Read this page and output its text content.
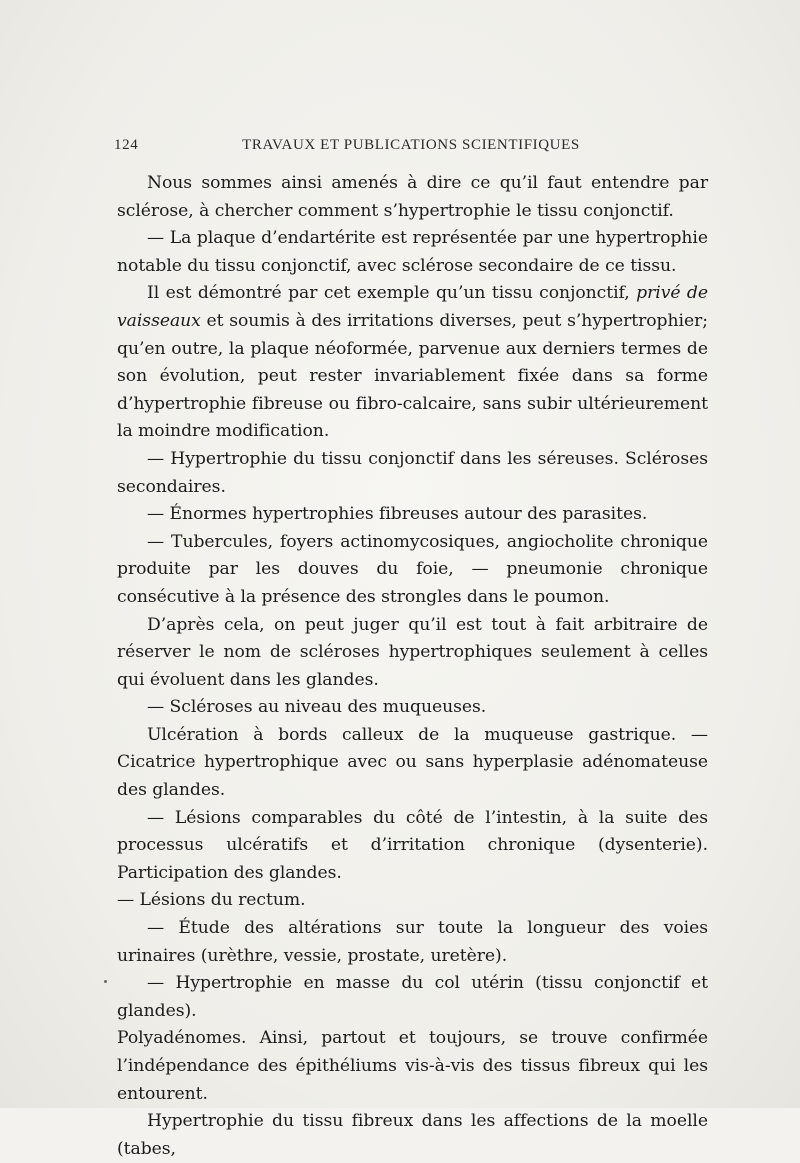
124	TRAVAUX ET PUBLICATIONS SCIENTIFIQUES

Nous sommes ainsi amenés à dire ce qu’il faut entendre par sclérose, à chercher comment s’hypertrophie le tissu conjonctif.

— La plaque d’endartérite est représentée par une hypertrophie notable du tissu conjonctif, avec sclérose secondaire de ce tissu.

Il est démontré par cet exemple qu’un tissu conjonctif, privé de vaisseaux et soumis à des irritations diverses, peut s’hypertrophier; qu’en outre, la plaque néoformée, parvenue aux derniers termes de son évolution, peut rester invariablement fixée dans sa forme d’hypertrophie fibreuse ou fibro-calcaire, sans subir ultérieurement la moindre modification.

— Hypertrophie du tissu conjonctif dans les séreuses. Scléroses secondaires.

— Énormes hypertrophies fibreuses autour des parasites.

— Tubercules, foyers actinomycosiques, angiocholite chronique produite par les douves du foie, — pneumonie chronique consécutive à la présence des strongles dans le poumon.

D’après cela, on peut juger qu’il est tout à fait arbitraire de réserver le nom de scléroses hypertrophiques seulement à celles qui évoluent dans les glandes.

— Scléroses au niveau des muqueuses.

Ulcération à bords calleux de la muqueuse gastrique. — Cicatrice hypertrophique avec ou sans hyperplasie adénomateuse des glandes.

— Lésions comparables du côté de l’intestin, à la suite des processus ulcératifs et d’irritation chronique (dysenterie). Participation des glandes.

— Lésions du rectum.

— Étude des altérations sur toute la longueur des voies urinaires (urèthre, vessie, prostate, uretère).

— Hypertrophie en masse du col utérin (tissu conjonctif et glandes).

Polyadénomes. Ainsi, partout et toujours, se trouve confirmée l’indépendance des épithéliums vis-à-vis des tissus fibreux qui les entourent.

Hypertrophie du tissu fibreux dans les affections de la moelle (tabes,
